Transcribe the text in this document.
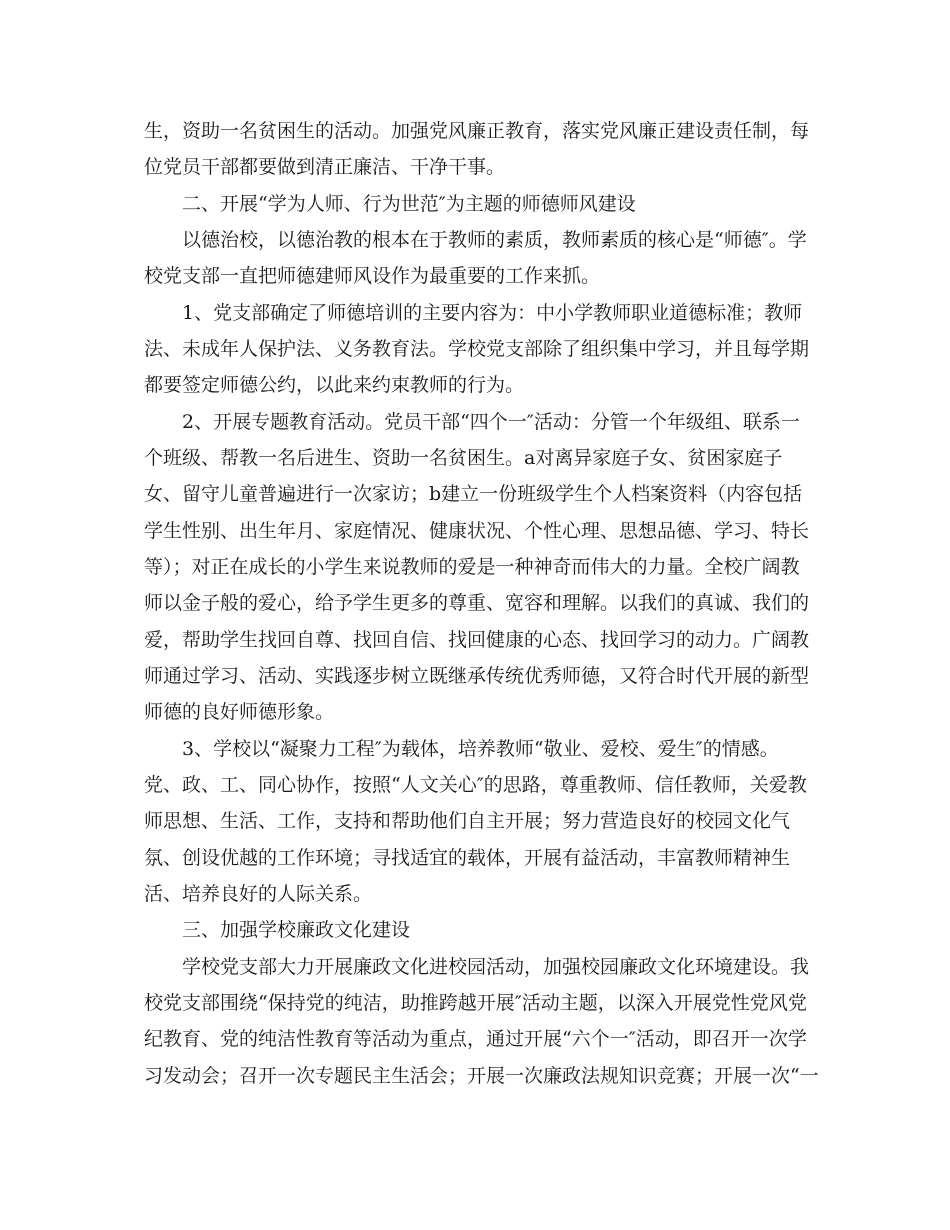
生，资助一名贫困生的活动。加强党风廉正教育，落实党风廉正建设责任制，每
位党员干部都要做到清正廉洁、干净干事。
二、开展“学为人师、行为世范″为主题的师德师风建设
以德治校，以德治教的根本在于教师的素质，教师素质的核心是“师德″。学
校党支部一直把师德建师风设作为最重要的工作来抓。
1、党支部确定了师德培训的主要内容为：中小学教师职业道德标准；教师
法、未成年人保护法、义务教育法。学校党支部除了组织集中学习，并且每学期
都要签定师德公约，以此来约束教师的行为。
2、开展专题教育活动。党员干部“四个一″活动：分管一个年级组、联系一
个班级、帮教一名后进生、资助一名贫困生。a对离异家庭子女、贫困家庭子
女、留守儿童普遍进行一次家访；b建立一份班级学生个人档案资料（内容包括
学生性别、出生年月、家庭情况、健康状况、个性心理、思想品德、学习、特长
等）；对正在成长的小学生来说教师的爱是一种神奇而伟大的力量。全校广阔教
师以金子般的爱心，给予学生更多的尊重、宽容和理解。以我们的真诚、我们的
爱，帮助学生找回自尊、找回自信、找回健康的心态、找回学习的动力。广阔教
师通过学习、活动、实践逐步树立既继承传统优秀师德，又符合时代开展的新型
师德的良好师德形象。
3、学校以“凝聚力工程″为载体，培养教师“敬业、爱校、爱生″的情感。
党、政、工、同心协作，按照“人文关心″的思路，尊重教师、信任教师，关爱教
师思想、生活、工作，支持和帮助他们自主开展；努力营造良好的校园文化气
氛、创设优越的工作环境；寻找适宜的载体，开展有益活动，丰富教师精神生
活、培养良好的人际关系。
三、加强学校廉政文化建设
学校党支部大力开展廉政文化进校园活动，加强校园廉政文化环境建设。我
校党支部围绕“保持党的纯洁，助推跨越开展″活动主题，以深入开展党性党风党
纪教育、党的纯洁性教育等活动为重点，通过开展“六个一″活动，即召开一次学
习发动会；召开一次专题民主生活会；开展一次廉政法规知识竞赛；开展一次“一
